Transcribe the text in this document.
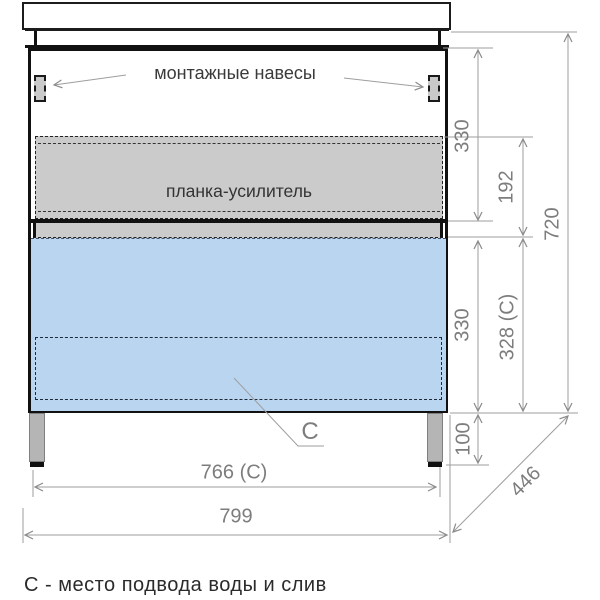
монтажные навесы
планка-усилитель
330
192
720
330 328 (C)
100
446
766 (C)
799
C
С - место подвода воды и слив
